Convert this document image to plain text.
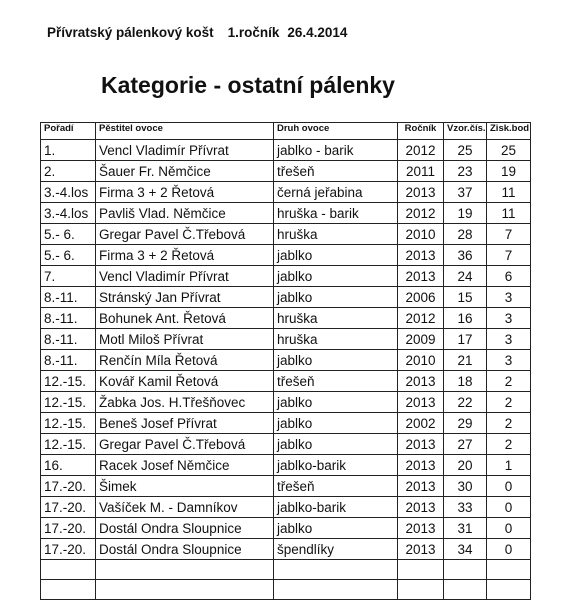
Přívratský pálenkový košt 1.ročník 26.4.2014
Kategorie - ostatní pálenky
Pořadí	Pěstitel ovoce	Druh ovoce	Ročník	Vzor.čís.	Zisk.bod
1.	Vencl Vladimír Přívrat	jablko - barik	2012	25	25
2.	Šauer Fr. Němčice	třešeň	2011	23	19
3.-4.los	Firma 3 + 2 Řetová	černá jeřabina	2013	37	11
3.-4.los	Pavliš Vlad. Němčice	hruška - barik	2012	19	11
5.- 6.	Gregar Pavel Č.Třebová	hruška	2010	28	7
5.- 6.	Firma 3 + 2 Řetová	jablko	2013	36	7
7.	Vencl Vladimír Přívrat	jablko	2013	24	6
8.-11.	Stránský Jan Přívrat	jablko	2006	15	3
8.-11.	Bohunek Ant. Řetová	hruška	2012	16	3
8.-11.	Motl Miloš Přívrat	hruška	2009	17	3
8.-11.	Renčín Míla Řetová	jablko	2010	21	3
12.-15.	Kovář Kamil Řetová	třešeň	2013	18	2
12.-15.	Žabka Jos. H.Třešňovec	jablko	2013	22	2
12.-15.	Beneš Josef Přívrat	jablko	2002	29	2
12.-15.	Gregar Pavel Č.Třebová	jablko	2013	27	2
16.	Racek Josef Němčice	jablko-barik	2013	20	1
17.-20.	Šimek	třešeň	2013	30	0
17.-20.	Vašíček M. - Damníkov	jablko-barik	2013	33	0
17.-20.	Dostál Ondra Sloupnice	jablko	2013	31	0
17.-20.	Dostál Ondra Sloupnice	špendlíky	2013	34	0
